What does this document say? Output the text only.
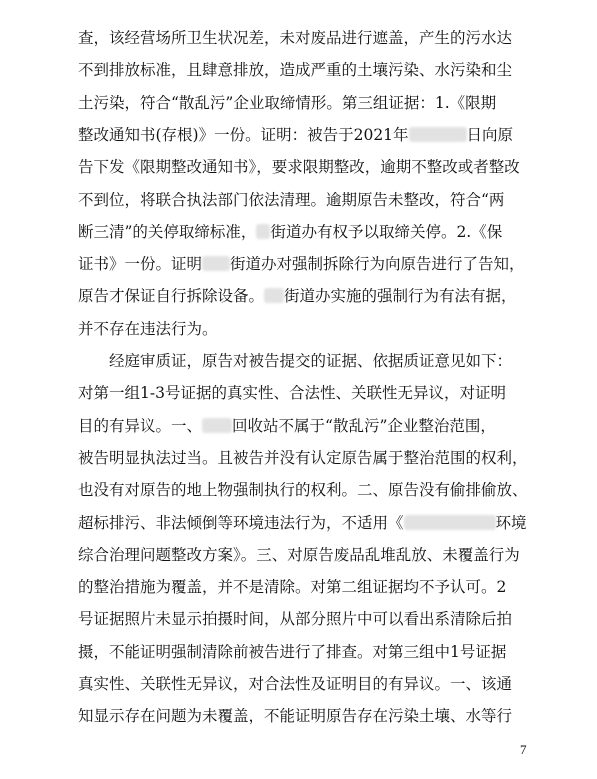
查，该经营场所卫生状况差，未对废品进行遮盖，产生的污水达
不到排放标准，且肆意排放，造成严重的土壤污染、水污染和尘
土污染，符合“散乱污”企业取缔情形。第三组证据：1.《限期
整改通知书(存根)》一份。证明：被告于2021年	日向原
告下发《限期整改通知书》，要求限期整改，逾期不整改或者整改
不到位，将联合执法部门依法清理。逾期原告未整改，符合“两
断三清”的关停取缔标准， 街道办有权予以取缔关停。2.《保
证书》一份。证明 街道办对强制拆除行为向原告进行了告知，
原告才保证自行拆除设备。 街道办实施的强制行为有法有据，
并不存在违法行为。
　　经庭审质证，原告对被告提交的证据、依据质证意见如下：
对第一组1-3号证据的真实性、合法性、关联性无异议，对证明
目的有异议。一、 回收站不属于“散乱污”企业整治范围，
被告明显执法过当。且被告并没有认定原告属于整治范围的权利，
也没有对原告的地上物强制执行的权利。二、原告没有偷排偷放、
超标排污、非法倾倒等环境违法行为，不适用《	环境
综合治理问题整改方案》。三、对原告废品乱堆乱放、未覆盖行为
的整治措施为覆盖，并不是清除。对第二组证据均不予认可。2
号证据照片未显示拍摄时间，从部分照片中可以看出系清除后拍
摄，不能证明强制清除前被告进行了排查。对第三组中1号证据
真实性、关联性无异议，对合法性及证明目的有异议。一、该通
知显示存在问题为未覆盖，不能证明原告存在污染土壤、水等行
7
